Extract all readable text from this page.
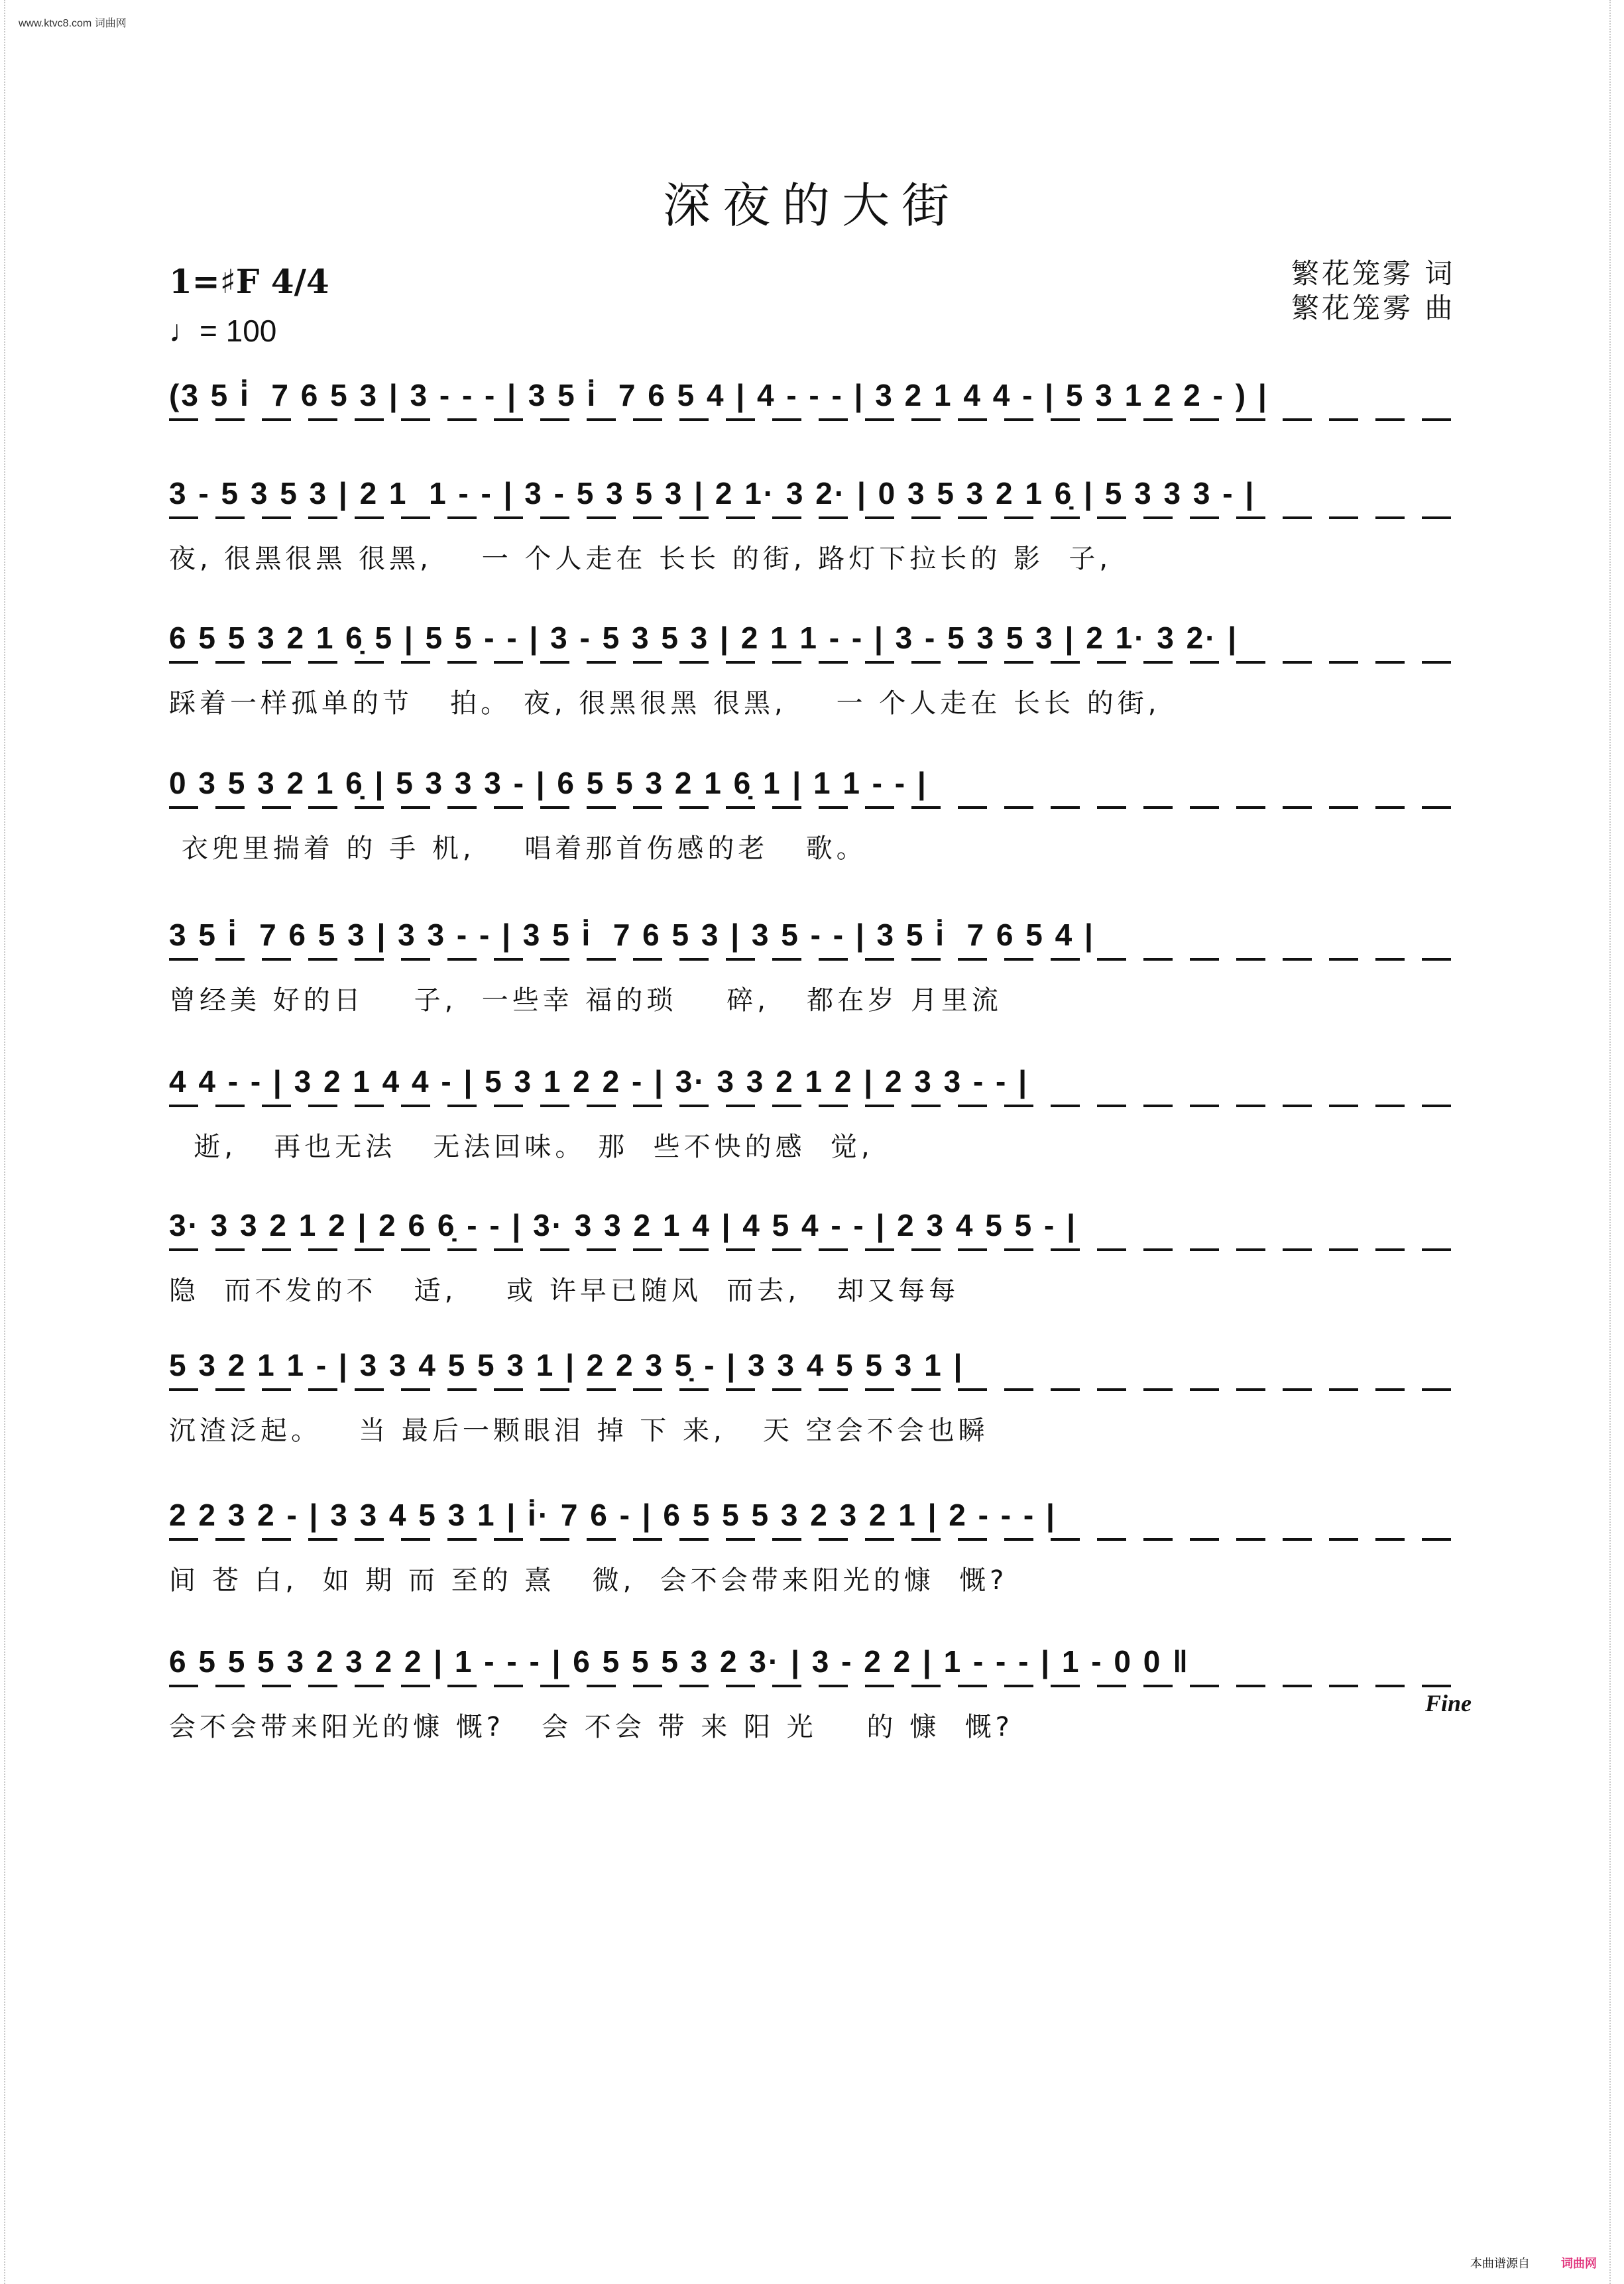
www.ktvc8.com 词曲网
深夜的大街
1=♯F 4/4
♩= 100
繁花笼雾 词
繁花笼雾 曲
(3 5 i̇  7 6 5 3 | 3 - - - | 3 5 i̇  7 6 5 4 | 4 - - - | 3 2 1 4 4 - | 5 3 1 2 2 - ) |
3 - 5 3 5 3 | 2 1  1 - - | 3 - 5 3 5 3 | 2 1· 3 2· | 0 3 5 3 2 1 6̣ | 5 3 3 3 - |
夜, 很黑很黑 很黑,    一 个人走在 长长 的街, 路灯下拉长的 影  子,
6 5 5 3 2 1 6̣ 5 | 5 5 - - | 3 - 5 3 5 3 | 2 1 1 - - | 3 - 5 3 5 3 | 2 1· 3 2· |
踩着一样孤单的节   拍。 夜, 很黑很黑 很黑,    一 个人走在 长长 的街,
0 3 5 3 2 1 6̣ | 5 3 3 3 - | 6 5 5 3 2 1 6̣ 1 | 1 1 - - |
衣兜里揣着 的 手 机,    唱着那首伤感的老   歌。
3 5 i̇  7 6 5 3 | 3 3 - - | 3 5 i̇  7 6 5 3 | 3 5 - - | 3 5 i̇  7 6 5 4 |
曾经美 好的日    子,  一些幸 福的琐    碎,   都在岁 月里流
4 4 - - | 3 2 1 4 4 - | 5 3 1 2 2 - | 3· 3 3 2 1 2 | 2 3 3 - - |
逝,   再也无法   无法回味。 那  些不快的感  觉,
3· 3 3 2 1 2 | 2 6 6̣ - - | 3· 3 3 2 1 4 | 4 5 4 - - | 2 3 4 5 5 - |
隐  而不发的不   适,    或 许早已随风  而去,   却又每每
5 3 2 1 1 - | 3 3 4 5 5 3 1 | 2 2 3 5̣ - | 3 3 4 5 5 3 1 |
沉渣泛起。   当 最后一颗眼泪 掉 下 来,   天 空会不会也瞬
2 2 3 2 - | 3 3 4 5 3 1 | i̇· 7 6 - | 6 5 5 5 3 2 3 2 1 | 2 - - - |
间 苍 白,  如 期 而 至的 熹   微,  会不会带来阳光的慷  慨?
6 5 5 5 3 2 3 2 2 | 1 - - - | 6 5 5 5 3 2 3· | 3 - 2 2 | 1 - - - | 1 - 0 0 ‖
会不会带来阳光的慷 慨?   会 不会 带 来 阳 光    的 慷  慨?
Fine
本曲谱源自	词曲网
